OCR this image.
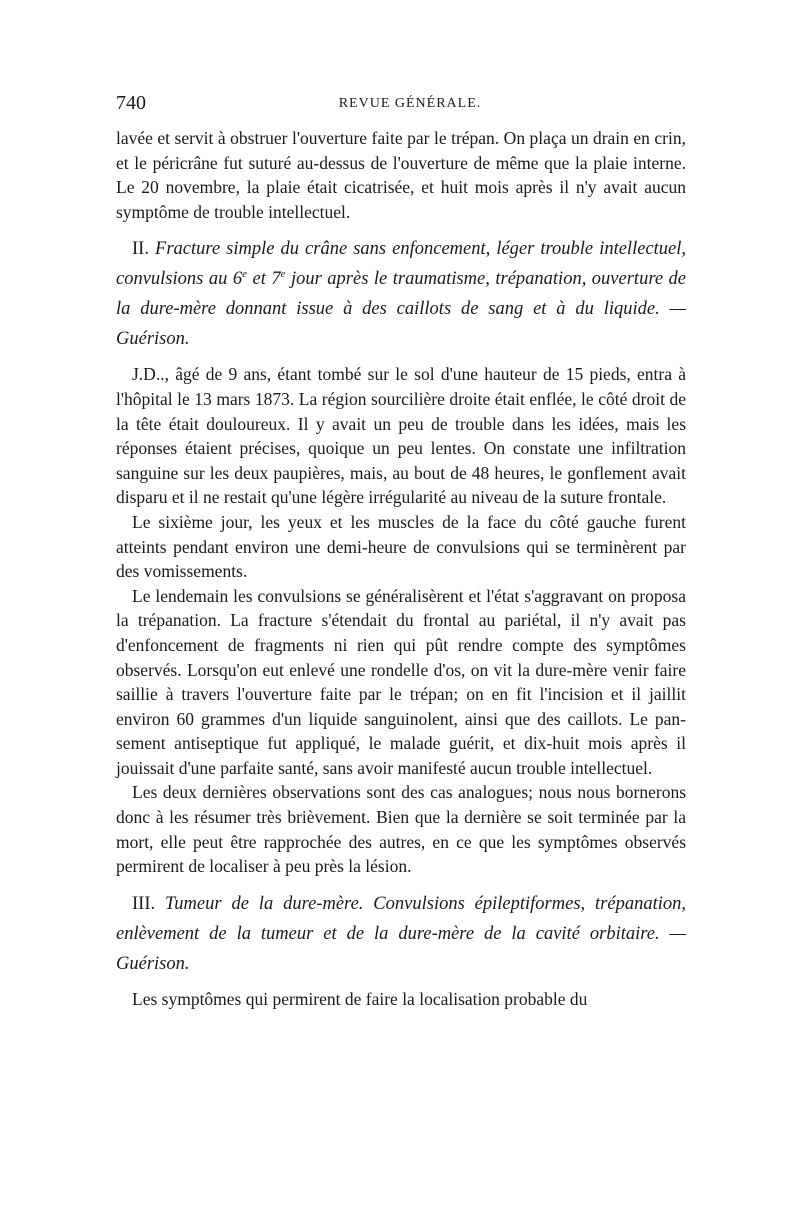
740	REVUE GÉNÉRALE.

lavée et servit à obstruer l'ouverture faite par le trépan. On plaça un drain en crin, et le péricrâne fut suturé au-dessus de l'ouverture de même que la plaie interne. Le 20 novembre, la plaie était cicatrisée, et huit mois après il n'y avait aucun symptôme de trouble intellectuel.

II. Fracture simple du crâne sans enfoncement, léger trouble intellectuel, convulsions au 6e et 7e jour après le traumatisme, trépanation, ouverture de la dure-mère donnant issue à des caillots de sang et à du liquide. — Guérison.

J.D.., âgé de 9 ans, étant tombé sur le sol d'une hauteur de 15 pieds, entra à l'hôpital le 13 mars 1873. La région sourcilière droite était enflée, le côté droit de la tête était douloureux. Il y avait un peu de trouble dans les idées, mais les réponses étaient précises, quoique un peu lentes. On constate une infiltration sanguine sur les deux paupières, mais, au bout de 48 heures, le gonflement avait disparu et il ne restait qu'une légère irrégularité au niveau de la suture frontale.

Le sixième jour, les yeux et les muscles de la face du côté gauche furent atteints pendant environ une demi-heure de convulsions qui se terminèrent par des vomissements.

Le lendemain les convulsions se généralisèrent et l'état s'aggravant on proposa la trépanation. La fracture s'étendait du frontal au pariétal, il n'y avait pas d'enfoncement de fragments ni rien qui pût rendre compte des symptômes observés. Lorsqu'on eut enlevé une rondelle d'os, on vit la dure-mère venir faire saillie à travers l'ouverture faite par le trépan; on en fit l'incision et il jaillit environ 60 grammes d'un liquide sanguinolent, ainsi que des caillots. Le pansement antiseptique fut appliqué, le malade guérit, et dix-huit mois après il jouissait d'une parfaite santé, sans avoir manifesté aucun trouble intellectuel.

Les deux dernières observations sont des cas analogues; nous nous bornerons donc à les résumer très brièvement. Bien que la dernière se soit terminée par la mort, elle peut être rapprochée des autres, en ce que les symptômes observés permirent de localiser à peu près la lésion.

III. Tumeur de la dure-mère. Convulsions épileptiformes, trépanation, enlèvement de la tumeur et de la dure-mère de la cavité orbitaire. — Guérison.

Les symptômes qui permirent de faire la localisation probable du
